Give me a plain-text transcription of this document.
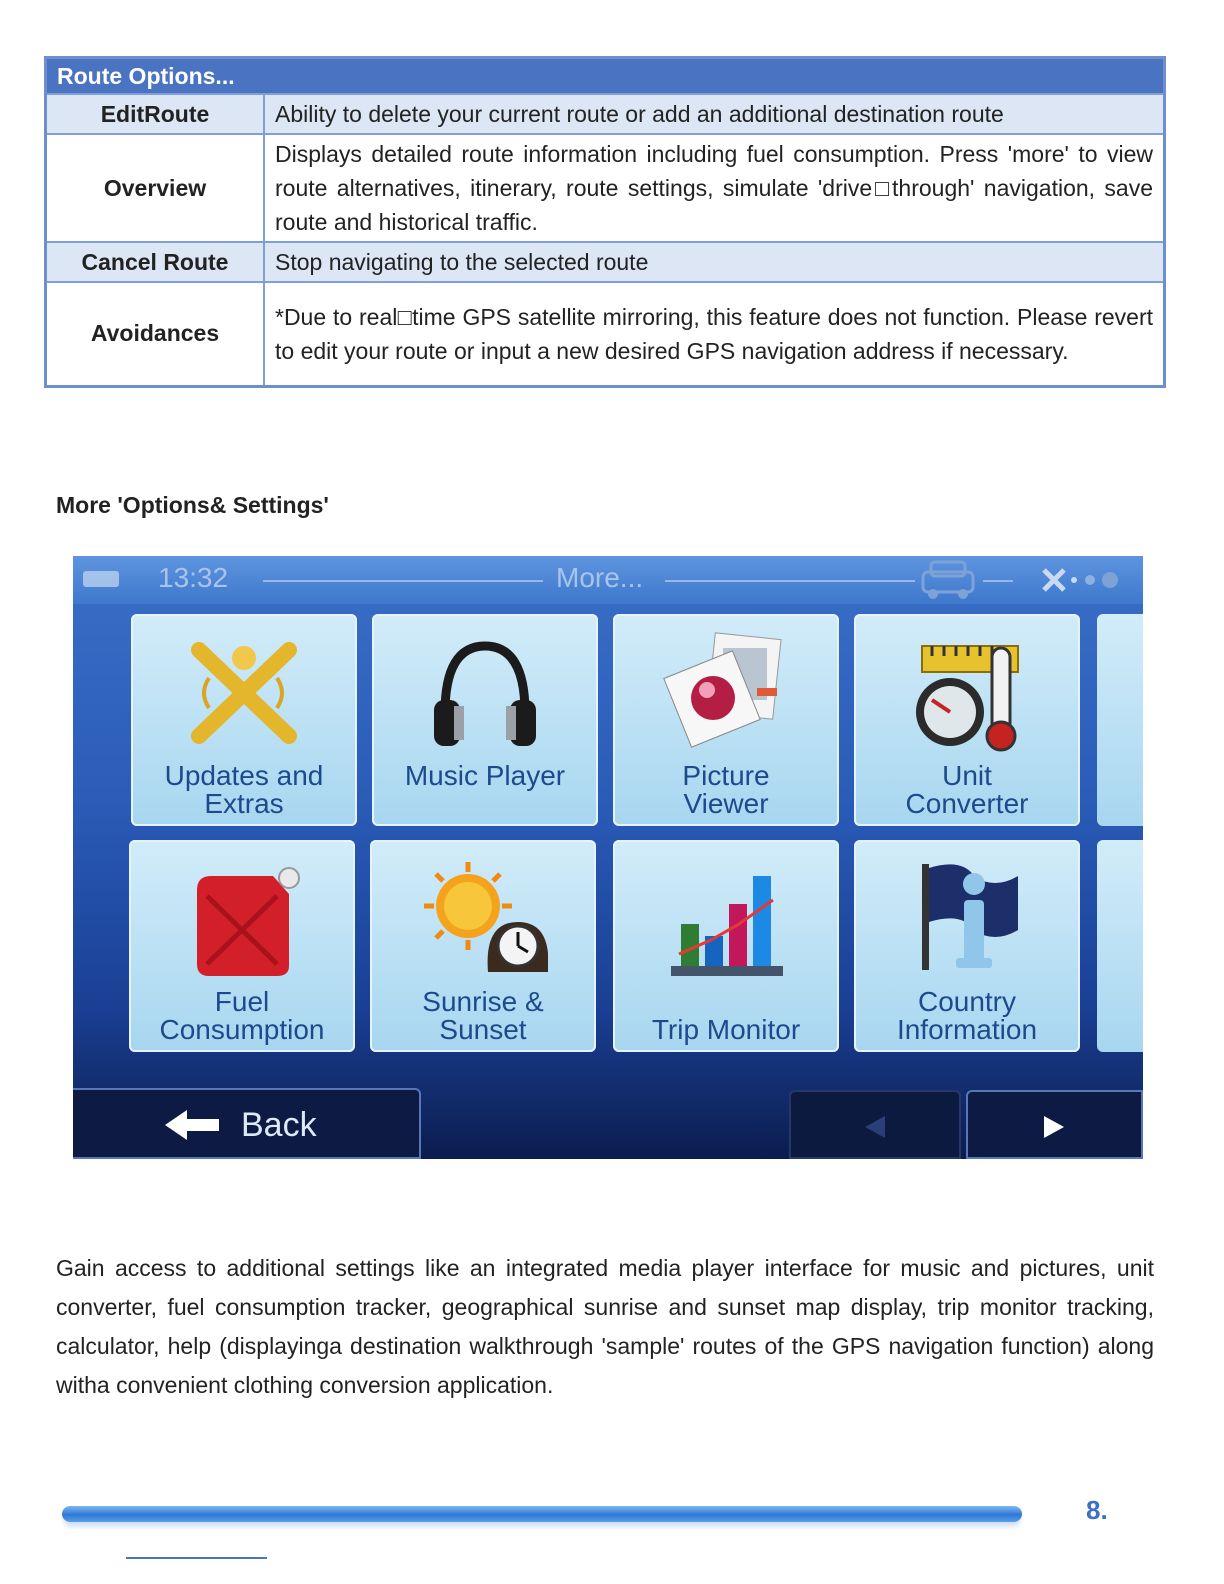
Route Options...	
EditRoute	Ability to delete your current route or add an additional destination route
Overview	Displays detailed route information including fuel consumption. Press 'more' to view route alternatives, itinerary, route settings, simulate 'drive□through' navigation, save route and historical traffic.
Cancel Route	Stop navigating to the selected route
Avoidances	*Due to real□time GPS satellite mirroring, this feature does not function. Please revert to edit your route or input a new desired GPS navigation address if necessary.
More 'Options& Settings'
13:32	More...
Updates and
Extras
Music Player
	Picture
Viewer
Unit
Converter
Fuel
Consumption
Sunrise &
Sunset
	Trip Monitor
Country
Information
Back

Gain access to additional settings like an integrated media player interface for music and pictures, unit converter, fuel consumption tracker, geographical sunrise and sunset map display, trip monitor tracking, calculator, help (displayinga destination walkthrough 'sample' routes of the GPS navigation function) along witha convenient clothing conversion application.

8.
